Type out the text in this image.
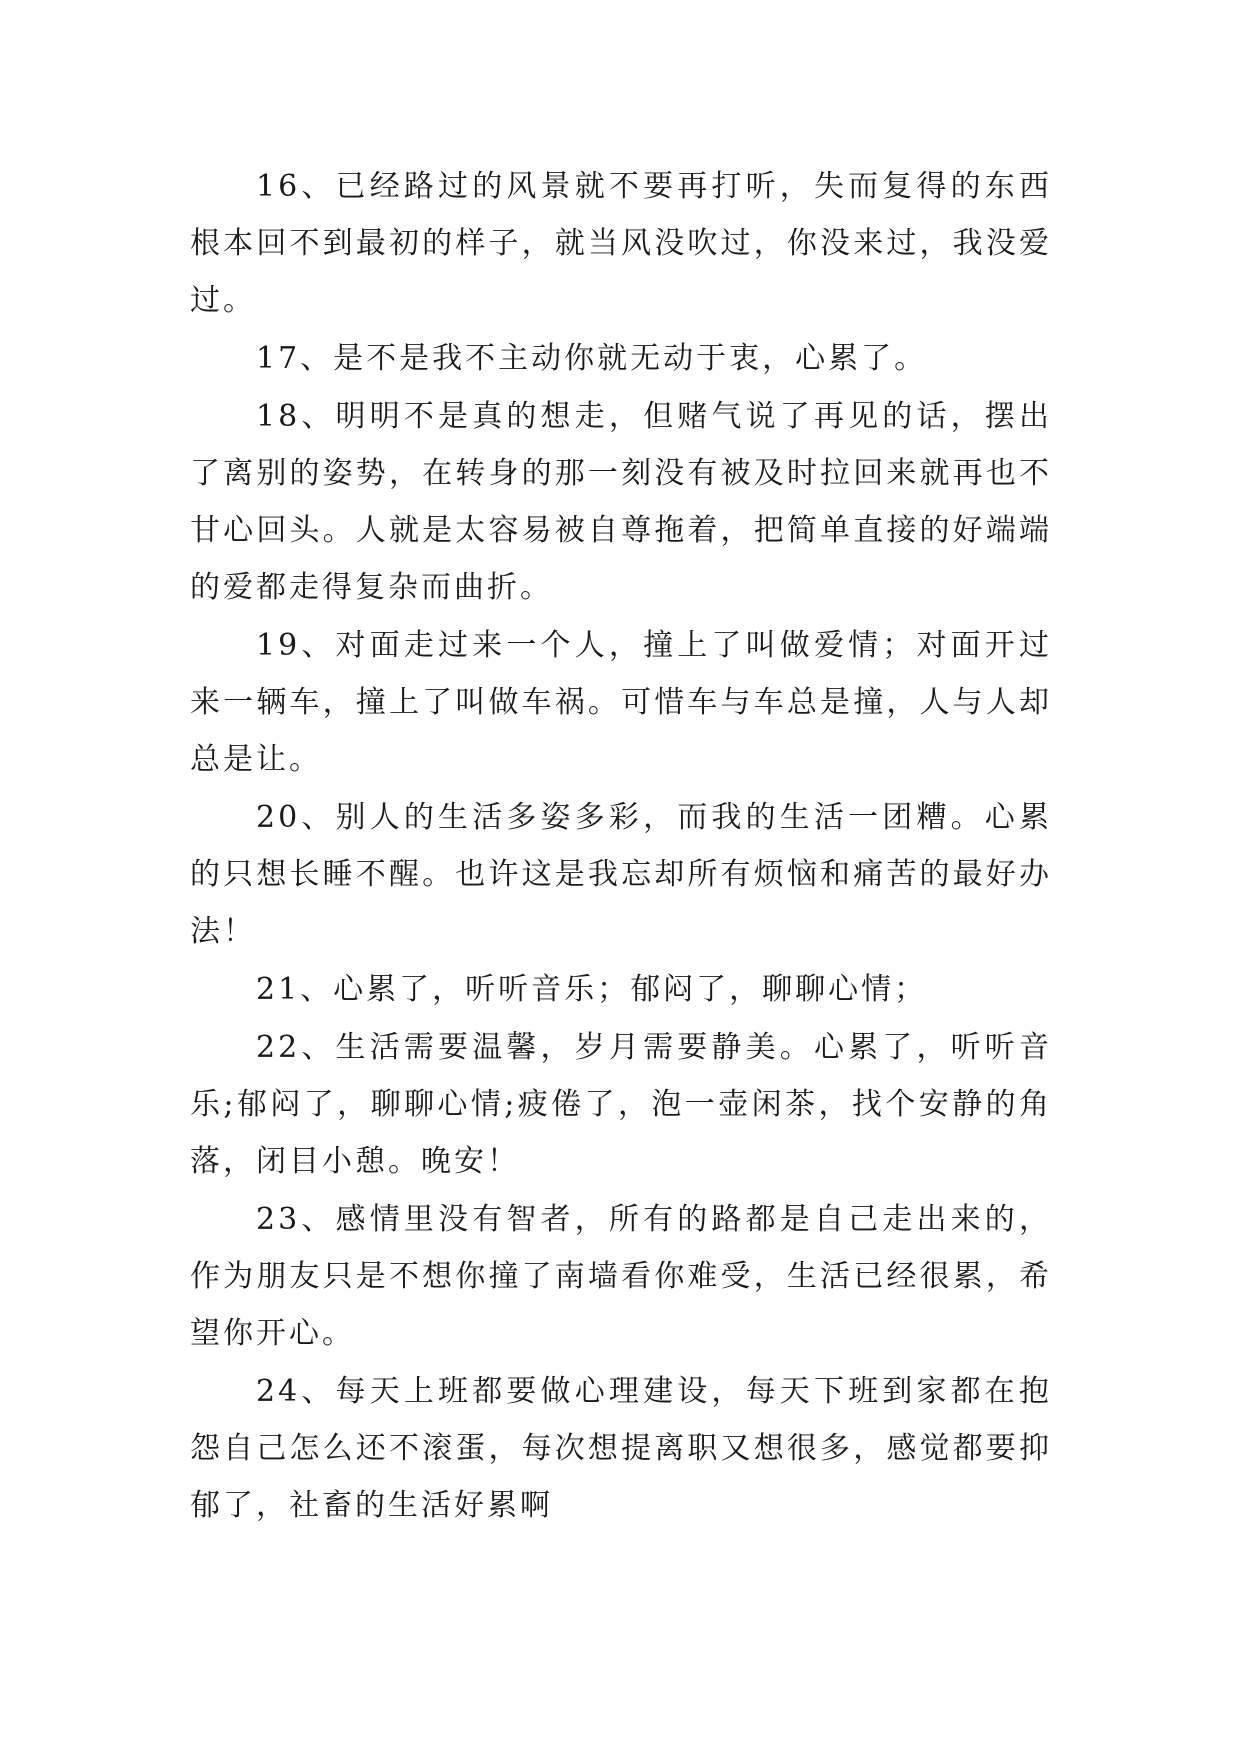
16、已经路过的风景就不要再打听，失而复得的东西根本回不到最初的样子，就当风没吹过，你没来过，我没爱过。

17、是不是我不主动你就无动于衷，心累了。

18、明明不是真的想走，但赌气说了再见的话，摆出了离别的姿势，在转身的那一刻没有被及时拉回来就再也不甘心回头。人就是太容易被自尊拖着，把简单直接的好端端的爱都走得复杂而曲折。

19、对面走过来一个人，撞上了叫做爱情；对面开过来一辆车，撞上了叫做车祸。可惜车与车总是撞，人与人却总是让。

20、别人的生活多姿多彩，而我的生活一团糟。心累的只想长睡不醒。也许这是我忘却所有烦恼和痛苦的最好办法！

21、心累了，听听音乐；郁闷了，聊聊心情；

22、生活需要温馨，岁月需要静美。心累了，听听音乐;郁闷了，聊聊心情;疲倦了，泡一壶闲茶，找个安静的角落，闭目小憩。晚安！

23、感情里没有智者，所有的路都是自己走出来的，作为朋友只是不想你撞了南墙看你难受，生活已经很累，希望你开心。

24、每天上班都要做心理建设，每天下班到家都在抱怨自己怎么还不滚蛋，每次想提离职又想很多，感觉都要抑郁了，社畜的生活好累啊
